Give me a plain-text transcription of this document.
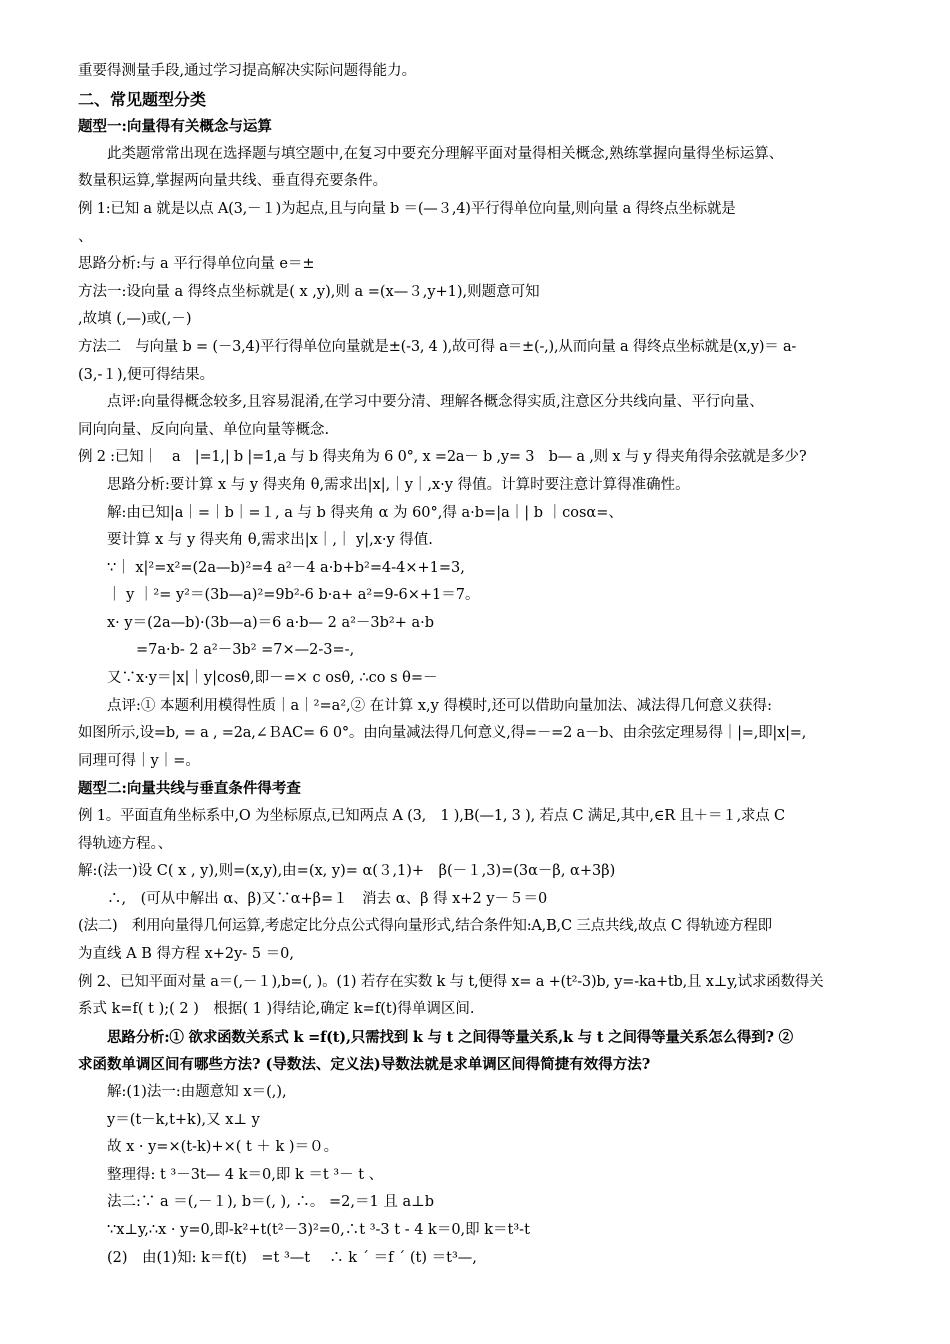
重要得测量手段,通过学习提高解决实际问题得能力。
二、常见题型分类
题型一:向量得有关概念与运算
此类题常常出现在选择题与填空题中,在复习中要充分理解平面对量得相关概念,熟练掌握向量得坐标运算、
数量积运算,掌握两向量共线、垂直得充要条件。
例 1:已知 a 就是以点 A(3,－１)为起点,且与向量 b ＝(—３,4)平行得单位向量,则向量 a 得终点坐标就是
、
思路分析:与 a 平行得单位向量 e＝±
方法一:设向量 a 得终点坐标就是( x ,y),则 a =(x—３,y+1),则题意可知
,故填 (,—)或(,－)
方法二　与向量 b = (－3,4)平行得单位向量就是±(-3, 4 ),故可得 a＝±(-,),从而向量 a 得终点坐标就是(x,y)＝ a-
(3,-１),便可得结果。
点评:向量得概念较多,且容易混淆,在学习中要分清、理解各概念得实质,注意区分共线向量、平行向量、
同向向量、反向向量、单位向量等概念.
例 2 :已知｜　a　|=1,| b |=1,a 与 b 得夹角为 6 0°, x =2a－ b ,y= 3　b— a ,则 x 与 y 得夹角得余弦就是多少?
思路分析:要计算 x 与 y 得夹角 θ,需求出|x|,｜y｜,x·y 得值。计算时要注意计算得准确性。
解:由已知|a｜=｜b｜=１, a 与 b 得夹角 α 为 60°,得 a·b=|a｜| b ｜cosα=、
要计算 x 与 y 得夹角 θ,需求出|x｜,｜ y|,x·y 得值.
∵｜ x|²=x²=(2a—b)²=4 a²－4 a·b+b²=4-4×+1=3,
｜ y ｜²= y²＝(3b—a)²=9b²-6 b·a+ a²=9-6×+1＝7。
x· y＝(2a—b)·(3b—a)＝6 a·b— 2 a²－3b²+ a·b
=7a·b- 2 a²－3b² =7×—2-3=-,
又∵x·y＝|x|｜y|cosθ,即－=× c osθ, ∴co s θ=－
点评:① 本题利用模得性质｜a｜²=a²,② 在计算 x,y 得模时,还可以借助向量加法、减法得几何意义获得:
如图所示,设=b, = a , =2a,∠ＢAC= 6 0°。由向量减法得几何意义,得=－=2 a－b、由余弦定理易得｜|=,即|x|=,
同理可得｜y｜=。
题型二:向量共线与垂直条件得考查
例 1。平面直角坐标系中,O 为坐标原点,已知两点 A (3,　1 ),B(—1, 3 ), 若点 C 满足,其中,∈R 且＋＝１,求点 C
得轨迹方程。、
解:(法一)设 C( x , y),则=(x,y),由=(x, y)= α(３,1)+　β(－１,3)=(3α－β, α+3β)
∴,　(可从中解出 α、β)又∵α+β=１　消去 α、β 得 x+2 y－５＝0
(法二)　利用向量得几何运算,考虑定比分点公式得向量形式,结合条件知:A,B,C 三点共线,故点 C 得轨迹方程即
为直线 A B 得方程 x+2y- 5 ＝0,
例 2、已知平面对量 a＝(,－１),b=(, )。(1) 若存在实数 k 与 t,便得 x= a +(t²-3)b, y=-ka+tb,且 x⊥y,试求函数得关
系式 k=f( t );( 2 )　根据( 1 )得结论,确定 k=f(t)得单调区间.
思路分析:① 欲求函数关系式 k =f(t),只需找到 k 与 t 之间得等量关系,k 与 t 之间得等量关系怎么得到? ②
求函数单调区间有哪些方法? (导数法、定义法)导数法就是求单调区间得简捷有效得方法?
解:(1)法一:由题意知 x＝(,),
y＝(t－k,t+k),又 x⊥ y
故 x · y=×(t-k)+×( t ＋ k )＝０。
整理得: t ³－3t— 4 k＝0,即 k ＝t ³－ t 、
法二:∵ a ＝(,－１), b＝(, ), ∴。 =2,＝1 且 a⊥b
∵x⊥y,∴x · y=0,即-k²+t(t²－3)²=0,∴t ³-3 t - 4 k＝0,即 k＝t³-t
(2)　由(1)知: k＝f(t)　=t ³—t　 ∴ k ´ ＝f ´ (t) ＝t³—,
